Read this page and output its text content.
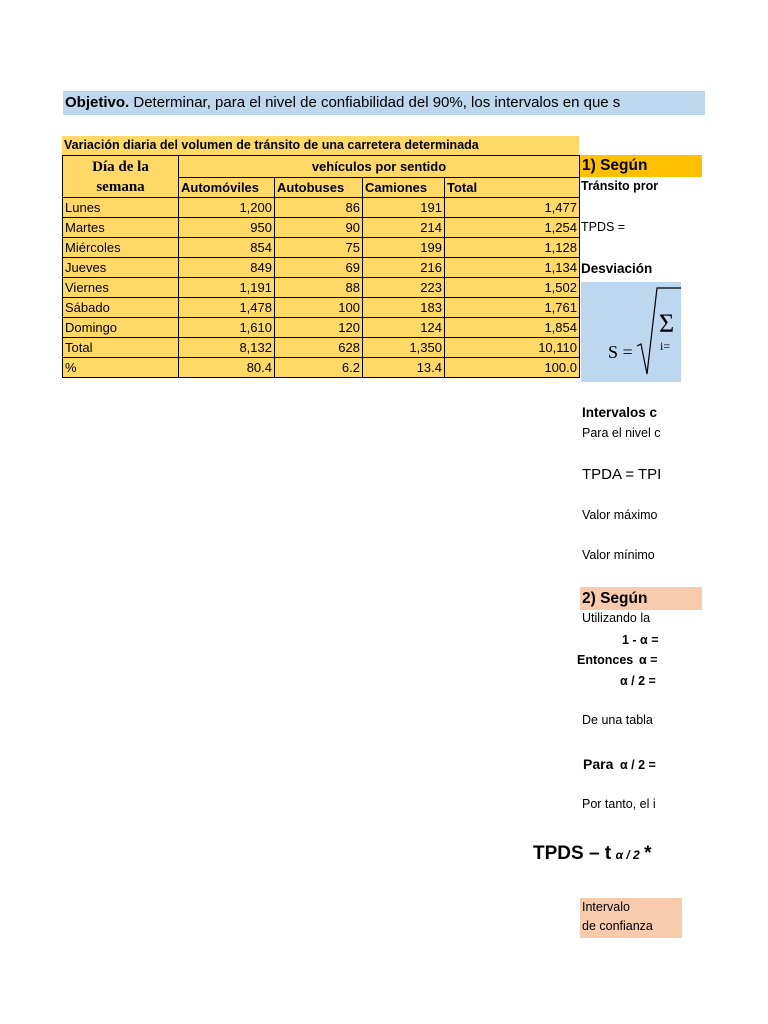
Objetivo. Determinar, para el nivel de confiabilidad del 90%, los intervalos en que s
Variación diaria del volumen de tránsito de una carretera determinada
Día de la
semana	vehículos por sentido			
	Automóviles	Autobuses	Camiones	Total
Lunes	1,200	86	191	1,477
Martes	950	90	214	1,254
Miércoles	854	75	199	1,128
Jueves	849	69	216	1,134
Viernes	1,191	88	223	1,502
Sábado	1,478	100	183	1,761
Domingo	1,610	120	124	1,854
Total	8,132	628	1,350	10,110
%	80.4	6.2	13.4	100.0
1) Según
Tránsito pror
TPDS =
Desviación
S =
Σ
i=
Intervalos c
Para el nivel c
TPDA = TPI
Valor máximo
Valor mínimo
2) Según
Utilizando la
1 - α =
Entonces α =
α / 2 =
De una tabla
Para α / 2 =
Por tanto, el i
TPDS – t α / 2 *
Intervalo
de confianza
